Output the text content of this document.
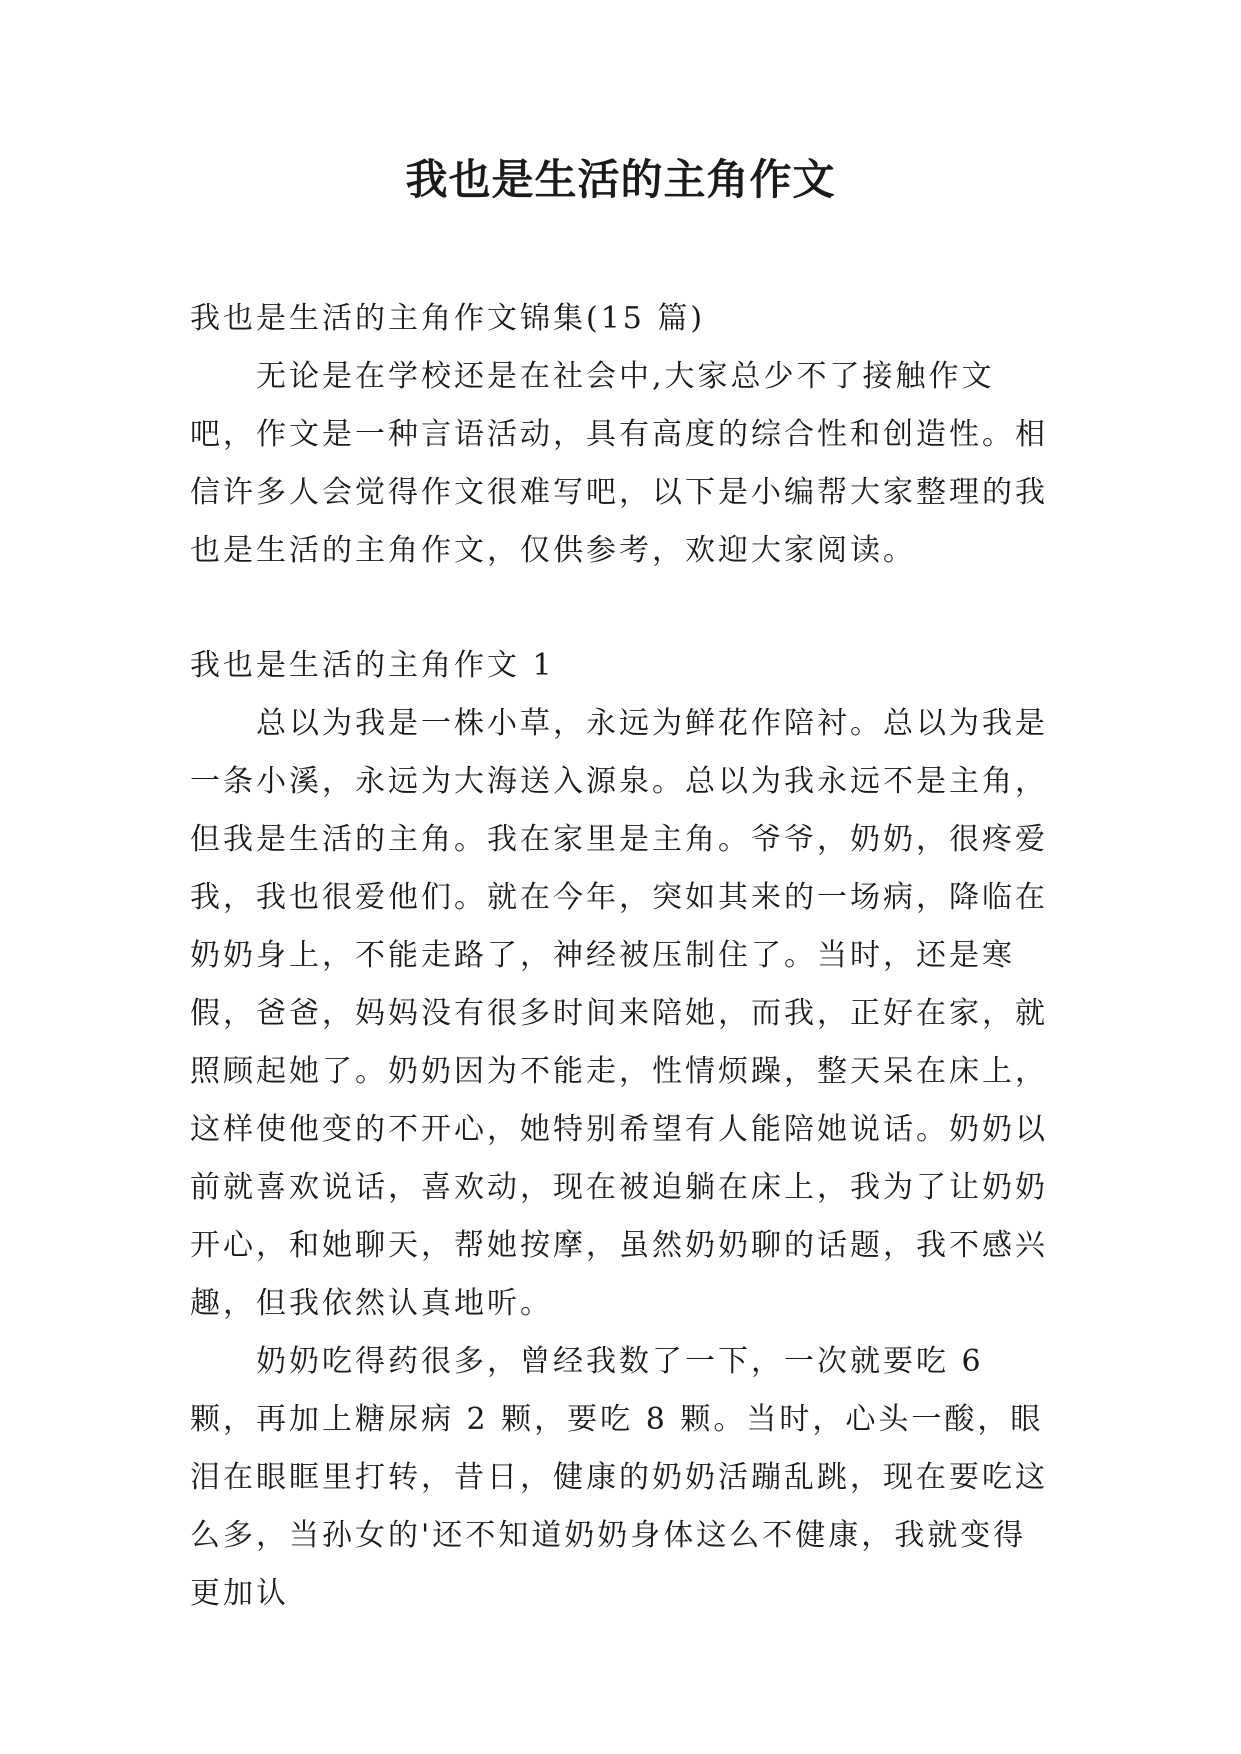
我也是生活的主角作文
我也是生活的主角作文锦集(15 篇)

无论是在学校还是在社会中,大家总少不了接触作文吧，作文是一种言语活动，具有高度的综合性和创造性。相信许多人会觉得作文很难写吧，以下是小编帮大家整理的我也是生活的主角作文，仅供参考，欢迎大家阅读。

我也是生活的主角作文 1

总以为我是一株小草，永远为鲜花作陪衬。总以为我是一条小溪，永远为大海送入源泉。总以为我永远不是主角，但我是生活的主角。我在家里是主角。爷爷，奶奶，很疼爱我，我也很爱他们。就在今年，突如其来的一场病，降临在奶奶身上，不能走路了，神经被压制住了。当时，还是寒假，爸爸，妈妈没有很多时间来陪她，而我，正好在家，就照顾起她了。奶奶因为不能走，性情烦躁，整天呆在床上，这样使他变的不开心，她特别希望有人能陪她说话。奶奶以前就喜欢说话，喜欢动，现在被迫躺在床上，我为了让奶奶开心，和她聊天，帮她按摩，虽然奶奶聊的话题，我不感兴趣，但我依然认真地听。

奶奶吃得药很多，曾经我数了一下，一次就要吃 6 颗，再加上糖尿病 2 颗，要吃 8 颗。当时，心头一酸，眼泪在眼眶里打转，昔日，健康的奶奶活蹦乱跳，现在要吃这么多，当孙女的'还不知道奶奶身体这么不健康，我就变得更加认
